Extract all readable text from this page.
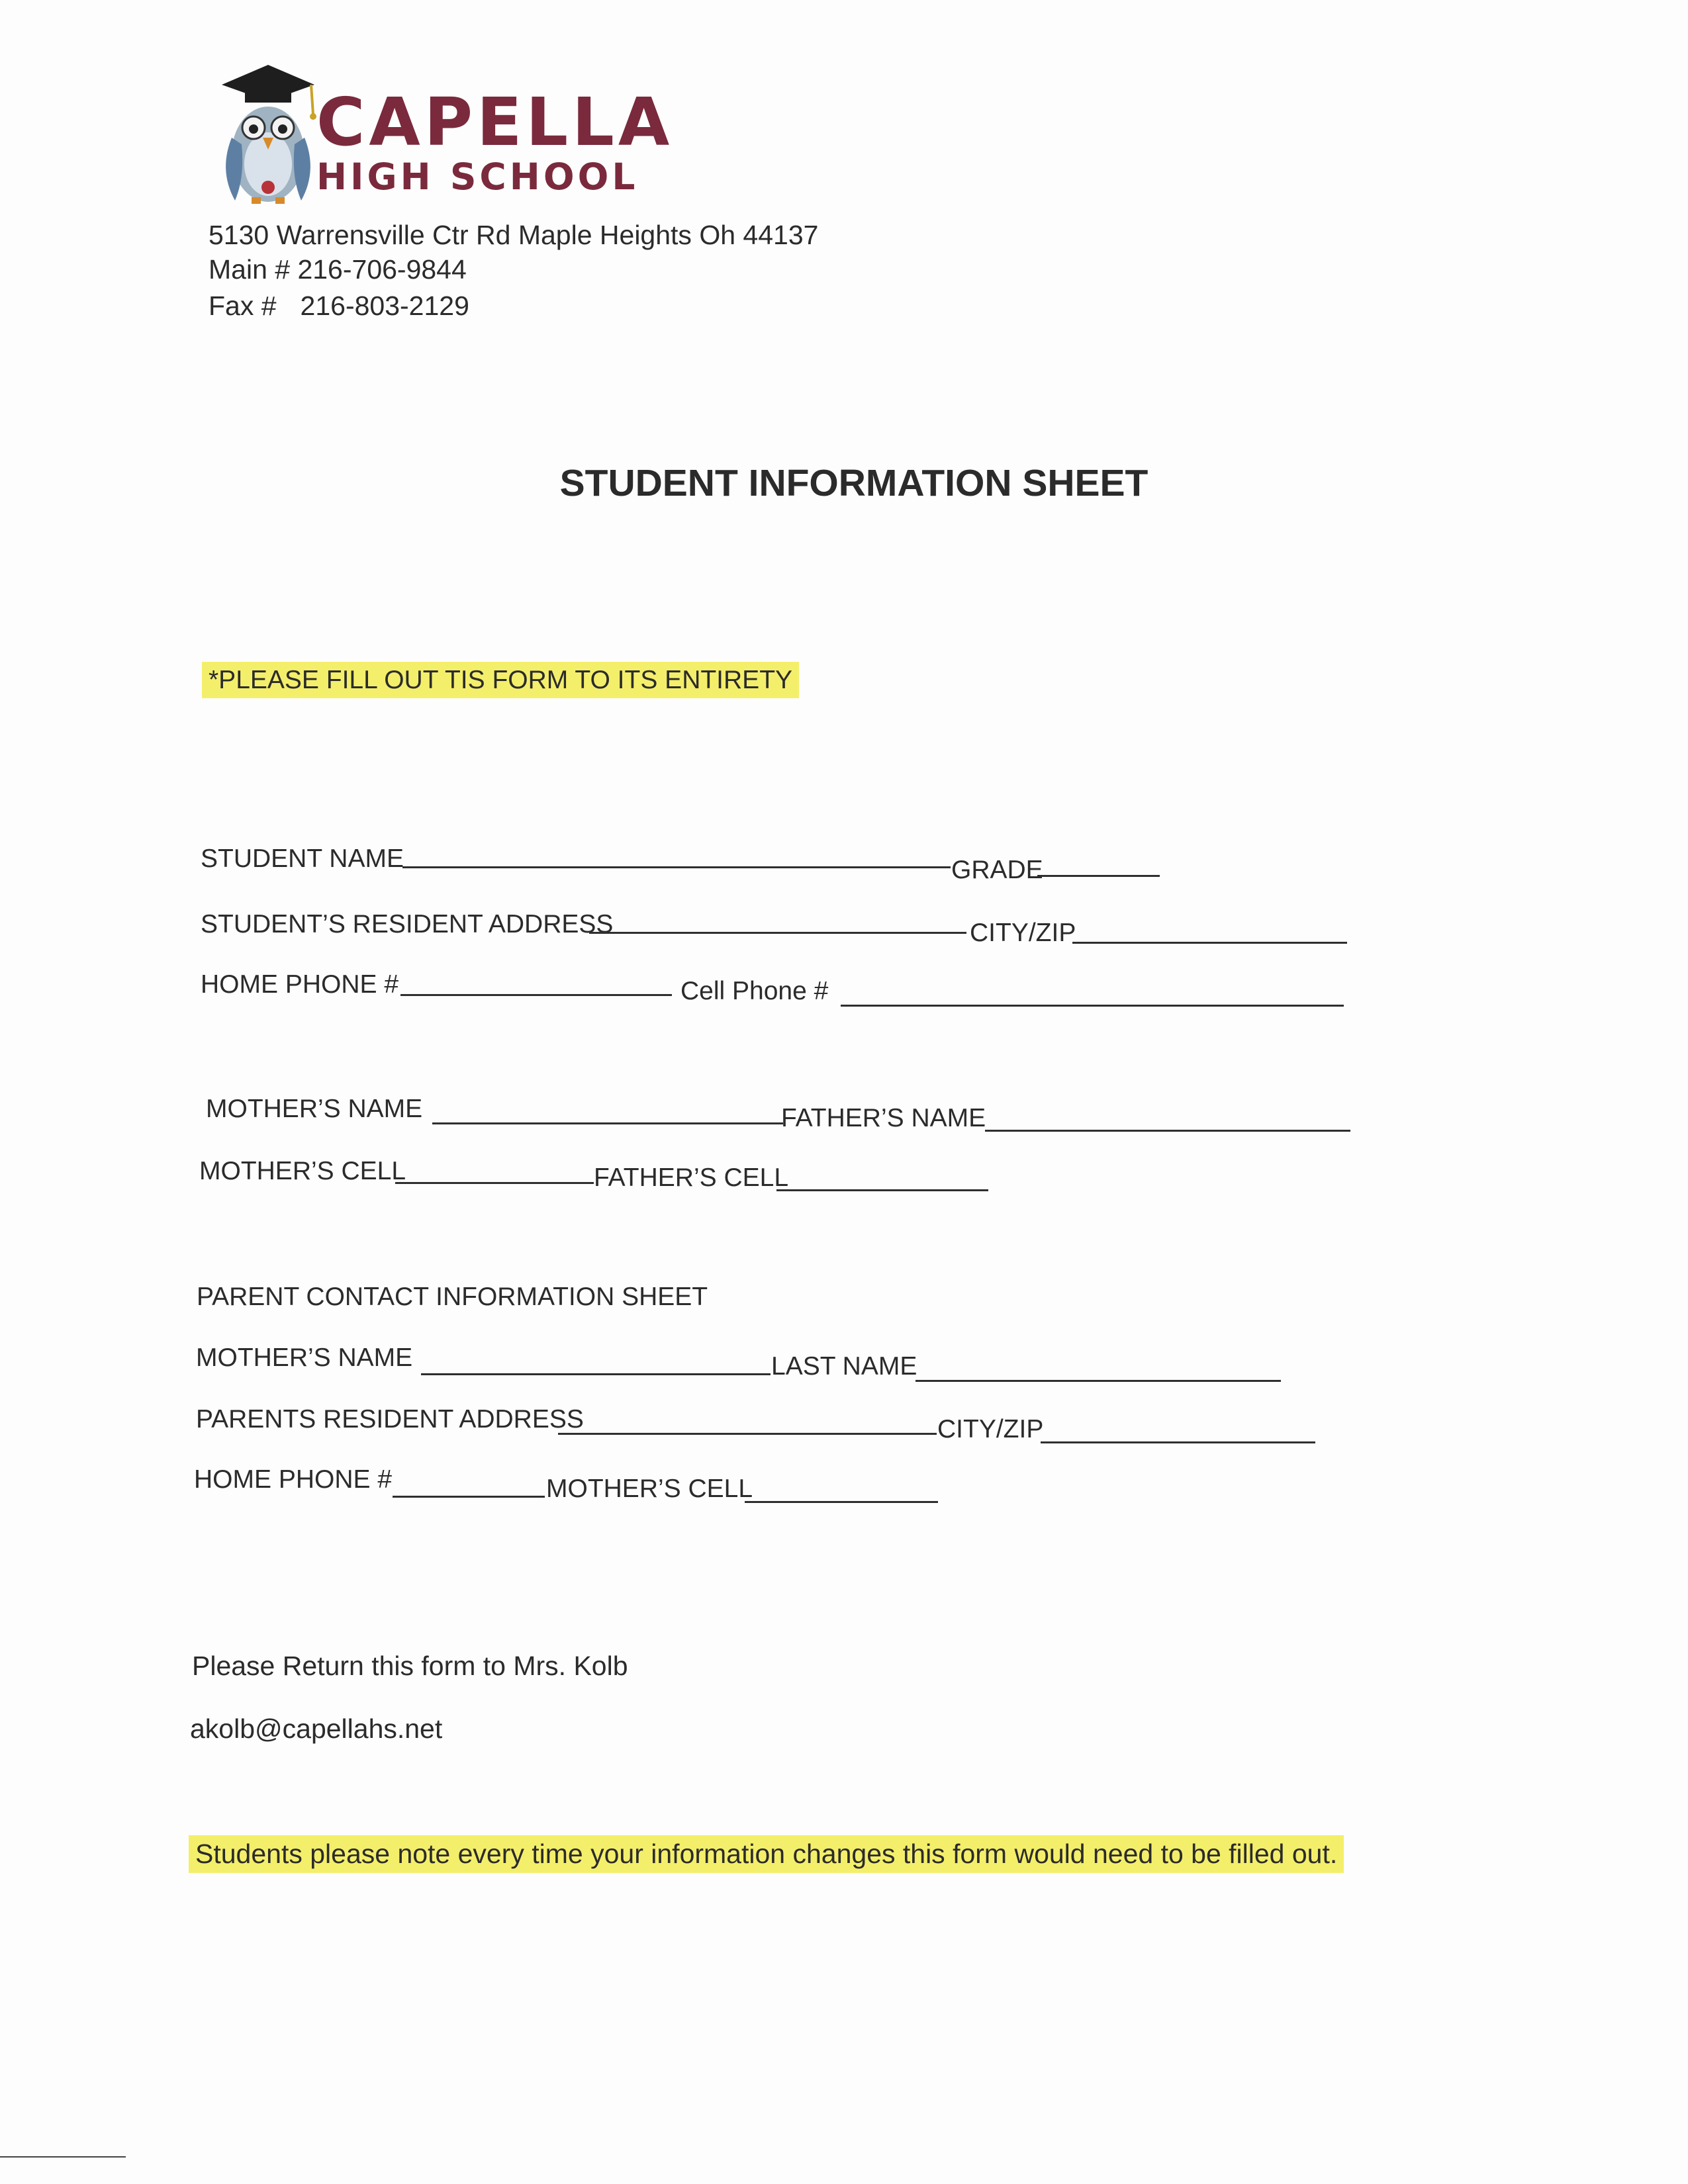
CAPELLA
HIGH SCHOOL
5130 Warrensville Ctr Rd Maple Heights Oh 44137
Main # 216-706-9844
Fax # 216-803-2129
STUDENT INFORMATION SHEET
*PLEASE FILL OUT TIS FORM TO ITS ENTIRETY
STUDENT NAME	GRADE
STUDENT’S RESIDENT ADDRESS	CITY/ZIP
HOME PHONE #	Cell Phone #
MOTHER’S NAME	FATHER’S NAME
MOTHER’S CELL	FATHER’S CELL
PARENT CONTACT INFORMATION SHEET
MOTHER’S NAME	LAST NAME
PARENTS RESIDENT ADDRESS	CITY/ZIP
HOME PHONE #	MOTHER’S CELL
Please Return this form to Mrs. Kolb
akolb@capellahs.net
Students please note every time your information changes this form would need to be filled out.
